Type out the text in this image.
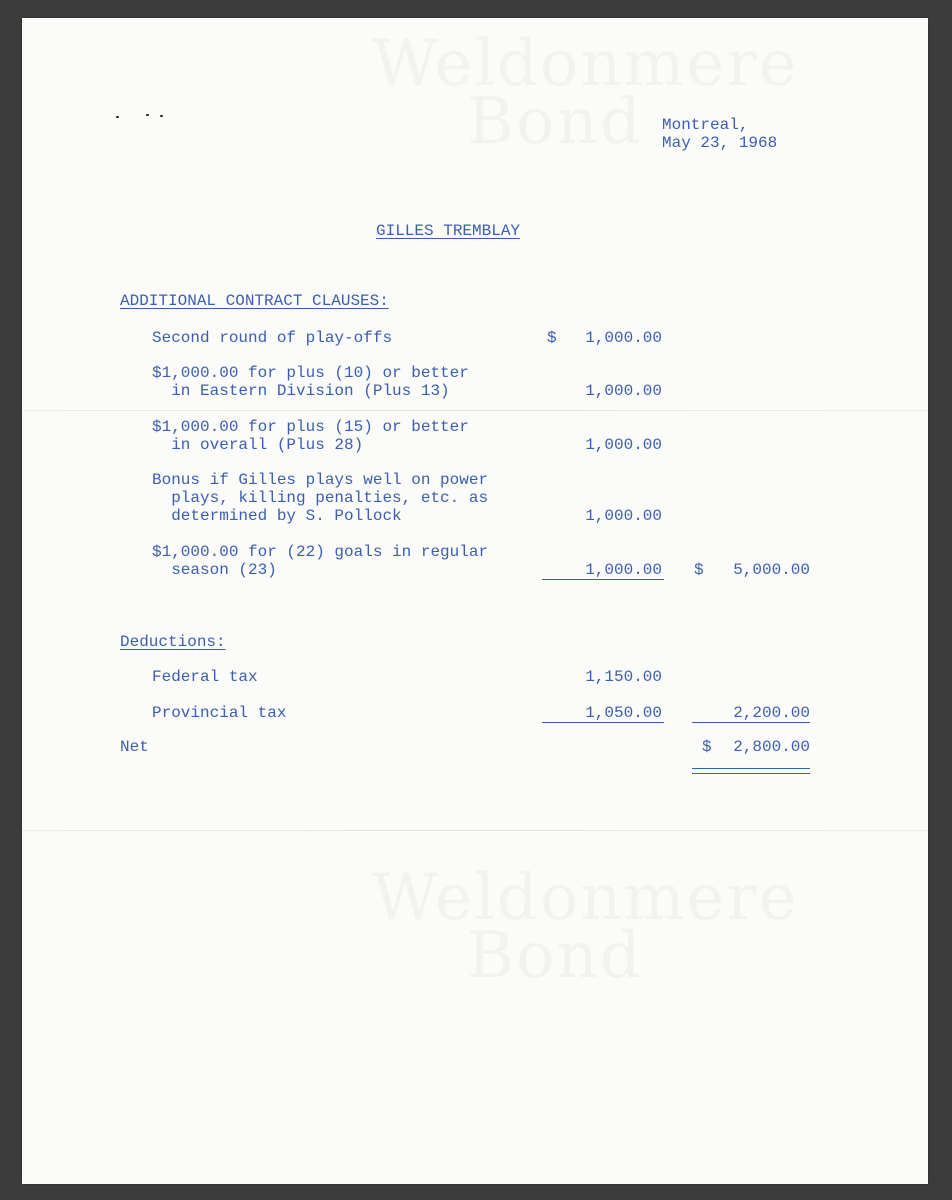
Montreal,
May 23, 1968
GILLES TREMBLAY
ADDITIONAL CONTRACT CLAUSES:
Second round of play-offs	$	1,000.00
$1,000.00 for plus (10) or better
in Eastern Division (Plus 13)	1,000.00
$1,000.00 for plus (15) or better
in overall (Plus 28)	1,000.00
Bonus if Gilles plays well on power
plays, killing penalties, etc. as
determined by S. Pollock	1,000.00
$1,000.00 for (22) goals in regular
season (23)	1,000.00 $	5,000.00
Deductions:
Federal tax	1,150.00
Provincial tax	1,050.00	2,200.00
Net	$	2,800.00
